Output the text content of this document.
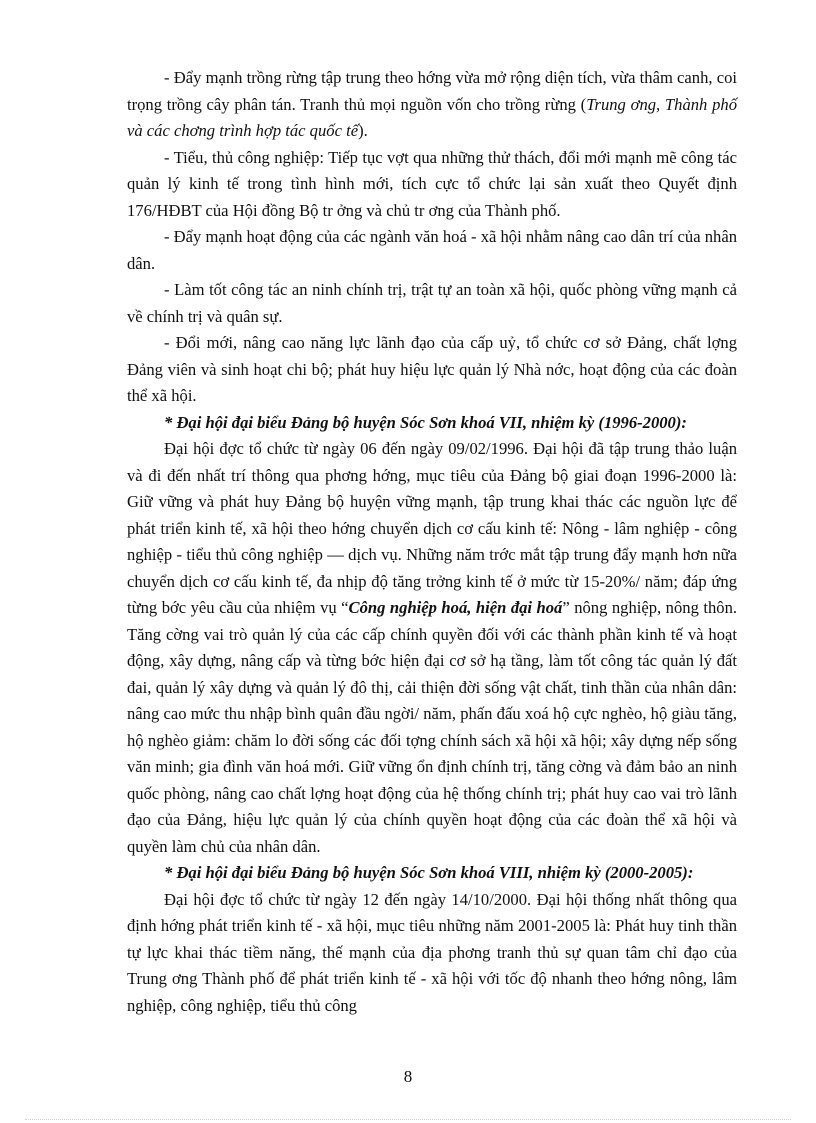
- Đẩy mạnh trồng rừng tập trung theo hớng vừa mở rộng diện tích, vừa thâm canh, coi trọng trồng cây phân tán. Tranh thủ mọi nguồn vốn cho trồng rừng (Trung ơng, Thành phố và các chơng trình hợp tác quốc tế).

- Tiểu, thủ công nghiệp: Tiếp tục vợt qua những thử thách, đổi mới mạnh mẽ công tác quản lý kinh tế trong tình hình mới, tích cực tổ chức lại sản xuất theo Quyết định 176/HĐBT của Hội đồng Bộ tr ởng và chủ tr ơng của Thành phố.

- Đẩy mạnh hoạt động của các ngành văn hoá - xã hội nhằm nâng cao dân trí của nhân dân.

- Làm tốt công tác an ninh chính trị, trật tự an toàn xã hội, quốc phòng vững mạnh cả về chính trị và quân sự.

- Đổi mới, nâng cao năng lực lãnh đạo của cấp uỷ, tổ chức cơ sở Đảng, chất lợng Đảng viên và sinh hoạt chi bộ; phát huy hiệu lực quản lý Nhà nớc, hoạt động của các đoàn thể xã hội.

* Đại hội đại biểu Đảng bộ huyện Sóc Sơn khoá VII, nhiệm kỳ (1996-2000):

Đại hội đợc tổ chức từ ngày 06 đến ngày 09/02/1996. Đại hội đã tập trung thảo luận và đi đến nhất trí thông qua phơng hớng, mục tiêu của Đảng bộ giai đoạn 1996-2000 là: Giữ vững và phát huy Đảng bộ huyện vững mạnh, tập trung khai thác các nguồn lực để phát triển kinh tế, xã hội theo hớng chuyển dịch cơ cấu kinh tế: Nông - lâm nghiệp - công nghiệp - tiểu thủ công nghiệp — dịch vụ. Những năm trớc mắt tập trung đẩy mạnh hơn nữa chuyển dịch cơ cấu kinh tế, đa nhịp độ tăng trởng kinh tế ở mức từ 15-20%/ năm; đáp ứng từng bớc yêu cầu của nhiệm vụ “Công nghiệp hoá, hiện đại hoá” nông nghiệp, nông thôn. Tăng cờng vai trò quản lý của các cấp chính quyền đối với các thành phần kinh tế và hoạt động, xây dựng, nâng cấp và từng bớc hiện đại cơ sở hạ tầng, làm tốt công tác quản lý đất đai, quản lý xây dựng và quản lý đô thị, cải thiện đời sống vật chất, tinh thần của nhân dân: nâng cao mức thu nhập bình quân đầu ngời/ năm, phấn đấu xoá hộ cực nghèo, hộ giàu tăng, hộ nghèo giảm: chăm lo đời sống các đối tợng chính sách xã hội xã hội; xây dựng nếp sống văn minh; gia đình văn hoá mới. Giữ vững ổn định chính trị, tăng cờng và đảm bảo an ninh quốc phòng, nâng cao chất lợng hoạt động của hệ thống chính trị; phát huy cao vai trò lãnh đạo của Đảng, hiệu lực quản lý của chính quyền hoạt động của các đoàn thể xã hội và quyền làm chủ của nhân dân.

* Đại hội đại biểu Đảng bộ huyện Sóc Sơn khoá VIII, nhiệm kỳ (2000-2005):

Đại hội đợc tổ chức từ ngày 12 đến ngày 14/10/2000. Đại hội thống nhất thông qua định hớng phát triển kinh tế - xã hội, mục tiêu những năm 2001-2005 là: Phát huy tinh thần tự lực khai thác tiềm năng, thế mạnh của địa phơng tranh thủ sự quan tâm chỉ đạo của Trung ơng Thành phố để phát triển kinh tế - xã hội với tốc độ nhanh theo hớng nông, lâm nghiệp, công nghiệp, tiểu thủ công

8
